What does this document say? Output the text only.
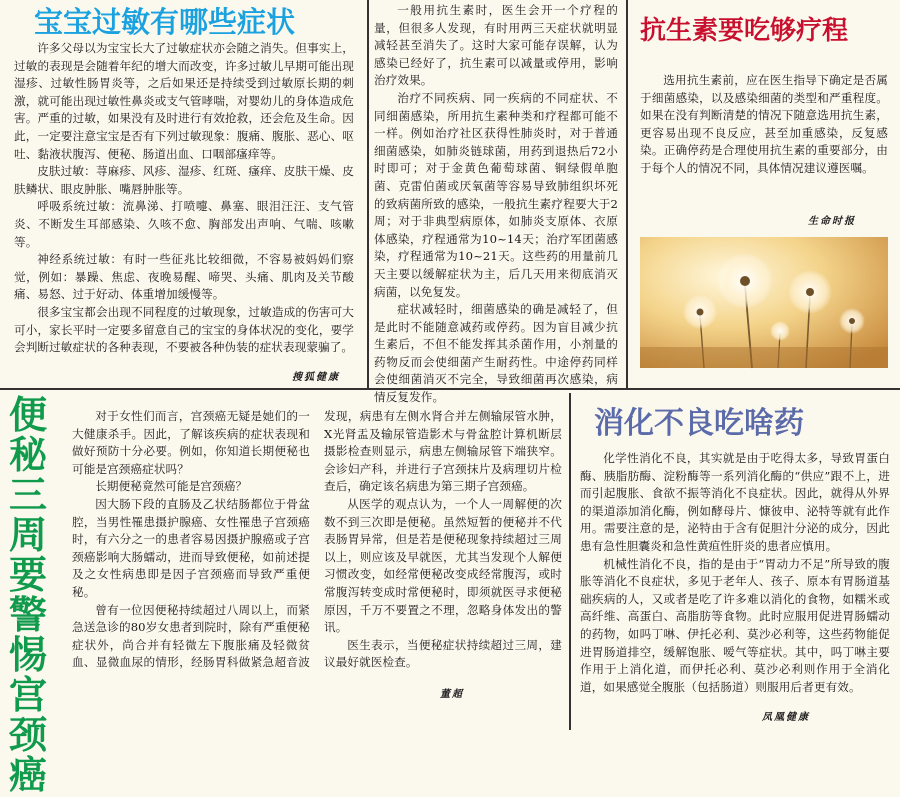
宝宝过敏有哪些症状

许多父母以为宝宝长大了过敏症状亦会随之消失。但事实上，过敏的表现是会随着年纪的增大而改变，许多过敏儿早期可能出现湿疹、过敏性肠胃炎等，之后如果还是持续受到过敏原长期的刺激，就可能出现过敏性鼻炎或支气管哮喘，对婴幼儿的身体造成危害。严重的过敏，如果没有及时进行有效抢救，还会危及生命。因此，一定要注意宝宝是否有下列过敏现象：腹痛、腹胀、恶心、呕吐、黏液状腹泻、便秘、肠道出血、口咽部瘙痒等。

皮肤过敏：荨麻疹、风疹、湿疹、红斑、瘙痒、皮肤干燥、皮肤鳞状、眼皮肿胀、嘴唇肿胀等。

呼吸系统过敏：流鼻涕、打喷嚏、鼻塞、眼泪汪汪、支气管炎、不断发生耳部感染、久咳不愈、胸部发出声响、气喘、咳嗽等。

神经系统过敏：有时一些征兆比较细微，不容易被妈妈们察觉，例如：暴躁、焦虑、夜晚易醒、啼哭、头痛、肌肉及关节酸痛、易怒、过于好动、体重增加缓慢等。

很多宝宝都会出现不同程度的过敏现象，过敏造成的伤害可大可小，家长平时一定要多留意自己的宝宝的身体状况的变化，要学会判断过敏症状的各种表现，不要被各种伪装的症状表现蒙骗了。

搜狐健康

一般用抗生素时，医生会开一个疗程的量，但很多人发现，有时用两三天症状就明显减轻甚至消失了。这时大家可能存误解，认为感染已经好了，抗生素可以减量或停用，影响治疗效果。

治疗不同疾病、同一疾病的不同症状、不同细菌感染，所用抗生素种类和疗程都可能不一样。例如治疗社区获得性肺炎时，对于普通细菌感染，如肺炎链球菌，用药到退热后72小时即可；对于金黄色葡萄球菌、铜绿假单胞菌、克雷伯菌或厌氧菌等容易导致肺组织坏死的致病菌所致的感染，一般抗生素疗程要大于2周；对于非典型病原体，如肺炎支原体、衣原体感染，疗程通常为10~14天；治疗军团菌感染，疗程通常为10~21天。这些药的用量前几天主要以缓解症状为主，后几天用来彻底消灭病菌，以免复发。

症状减轻时，细菌感染的确是减轻了，但是此时不能随意减药或停药。因为盲目减少抗生素后，不但不能发挥其杀菌作用，小剂量的药物反而会使细菌产生耐药性。中途停药同样会使细菌消灭不完全，导致细菌再次感染，病情反复发作。

抗生素要吃够疗程

选用抗生素前，应在医生指导下确定是否属于细菌感染，以及感染细菌的类型和严重程度。如果在没有判断清楚的情况下随意选用抗生素，更容易出现不良反应，甚至加重感染，反复感染。正确停药是合理使用抗生素的重要部分，由于每个人的情况不同，具体情况建议遵医嘱。

生命时报
便
秘
三
周
要
警
惕
宫
颈
癌

对于女性们而言，宫颈癌无疑是她们的一大健康杀手。因此，了解该疾病的症状表现和做好预防十分必要。例如，你知道长期便秘也可能是宫颈癌症状吗？

长期便秘竟然可能是宫颈癌？

因大肠下段的直肠及乙状结肠都位于骨盆腔，当男性罹患摄护腺癌、女性罹患子宫颈癌时，有六分之一的患者容易因摄护腺癌或子宫颈癌影响大肠蠕动，进而导致便秘，如前述提及之女性病患即是因子宫颈癌而导致严重便秘。

曾有一位因便秘持续超过八周以上，而紧急送急诊的80岁女患者到院时，除有严重便秘症状外，尚合并有轻微左下腹胀痛及轻微贫血、显微血尿的情形，经肠胃科做紧急超音波发现，病患有左侧水肾合并左侧输尿管水肿，X光肾盂及输尿管造影术与骨盆腔计算机断层摄影检查则显示，病患左侧输尿管下端狭窄。会诊妇产科，并进行子宫颈抹片及病理切片检查后，确定该名病患为第三期子宫颈癌。

从医学的观点认为，一个人一周解便的次数不到三次即是便秘。虽然短暂的便秘并不代表肠胃异常，但是若是便秘现象持续超过三周以上，则应该及早就医，尤其当发现个人解便习惯改变，如经常便秘改变成经常腹泻，或时常腹泻转变成时常便秘时，即须就医寻求便秘原因，千万不要置之不理，忽略身体发出的警讯。

医生表示，当便秘症状持续超过三周，建议最好就医检查。

董超
消化不良吃啥药

化学性消化不良，其实就是由于吃得太多，导致胃蛋白酶、胰脂肪酶、淀粉酶等一系列消化酶的“供应”跟不上，进而引起腹胀、食欲不振等消化不良症状。因此，就得从外界的渠道添加消化酶，例如酵母片、慷彼申、泌特等就有此作用。需要注意的是，泌特由于含有促胆汁分泌的成分，因此患有急性胆囊炎和急性黄疸性肝炎的患者应慎用。

机械性消化不良，指的是由于“胃动力不足”所导致的腹胀等消化不良症状，多见于老年人、孩子、原本有胃肠道基础疾病的人，又或者是吃了许多难以消化的食物，如糯米或高纤维、高蛋白、高脂肪等食物。此时应服用促进胃肠蠕动的药物，如吗丁啉、伊托必利、莫沙必利等，这些药物能促进胃肠道排空，缓解饱胀、嗳气等症状。其中，吗丁啉主要作用于上消化道，而伊托必利、莫沙必利则作用于全消化道，如果感觉全腹胀（包括肠道）则服用后者更有效。

凤凰健康
